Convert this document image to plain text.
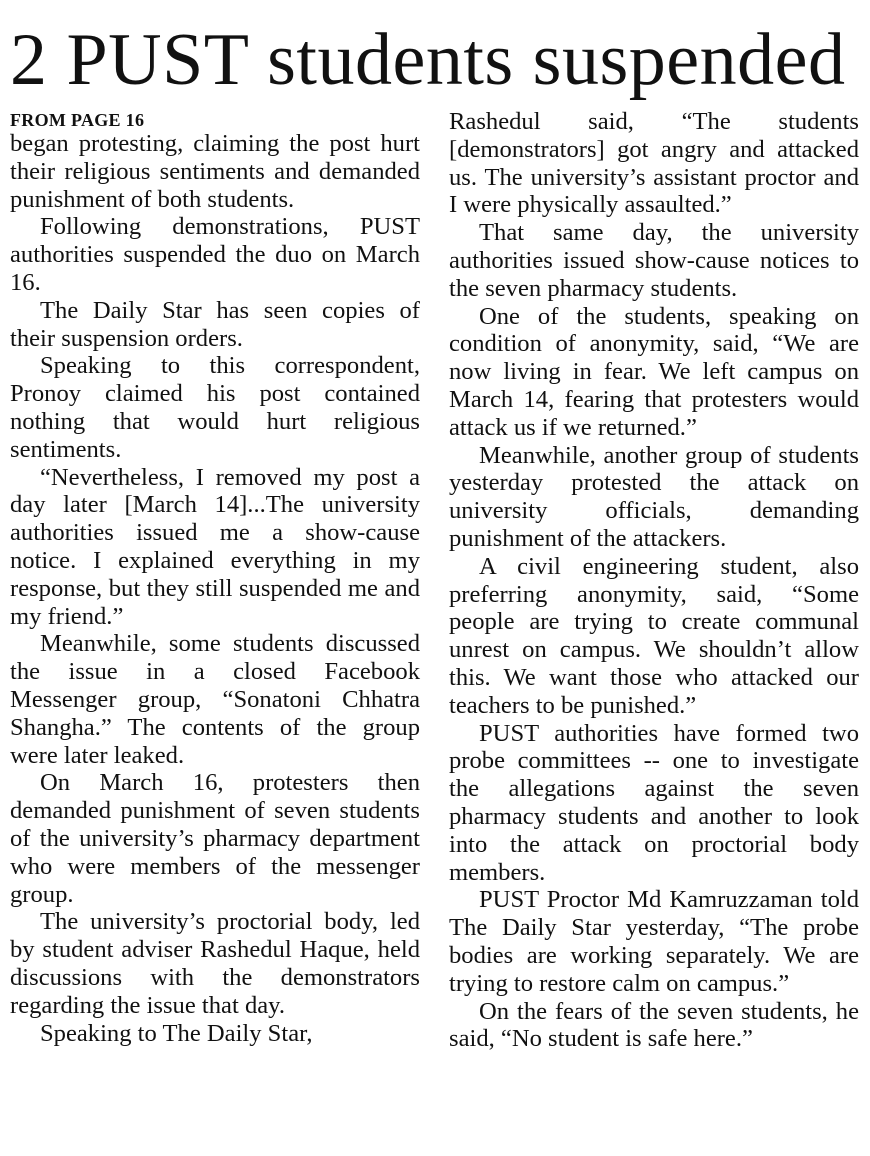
2 PUST students suspended
FROM PAGE 16

began protesting, claiming the post hurt their religious sentiments and demanded punishment of both students.

Following demonstrations, PUST authorities suspended the duo on March 16.

The Daily Star has seen copies of their suspension orders.

Speaking to this correspondent, Pronoy claimed his post contained nothing that would hurt religious sentiments.

“Nevertheless, I removed my post a day later [March 14]...The university authorities issued me a show-cause notice. I explained everything in my response, but they still suspended me and my friend.”

Meanwhile, some students discussed the issue in a closed Facebook Messenger group, “Sonatoni Chhatra Shangha.” The contents of the group were later leaked.

On March 16, protesters then demanded punishment of seven students of the university’s pharmacy department who were members of the messenger group.

The university’s proctorial body, led by student adviser Rashedul Haque, held discussions with the demonstrators regarding the issue that day.

Speaking to The Daily Star,

Rashedul said, “The students [demonstrators] got angry and attacked us. The university’s assistant proctor and I were physically assaulted.”

That same day, the university authorities issued show-cause notices to the seven pharmacy students.

One of the students, speaking on condition of anonymity, said, “We are now living in fear. We left campus on March 14, fearing that protesters would attack us if we returned.”

Meanwhile, another group of students yesterday protested the attack on university officials, demanding punishment of the attackers.

A civil engineering student, also preferring anonymity, said, “Some people are trying to create communal unrest on campus. We shouldn’t allow this. We want those who attacked our teachers to be punished.”

PUST authorities have formed two probe committees -- one to investigate the allegations against the seven pharmacy students and another to look into the attack on proctorial body members.

PUST Proctor Md Kamruzzaman told The Daily Star yesterday, “The probe bodies are working separately. We are trying to restore calm on campus.”

On the fears of the seven students, he said, “No student is safe here.”
